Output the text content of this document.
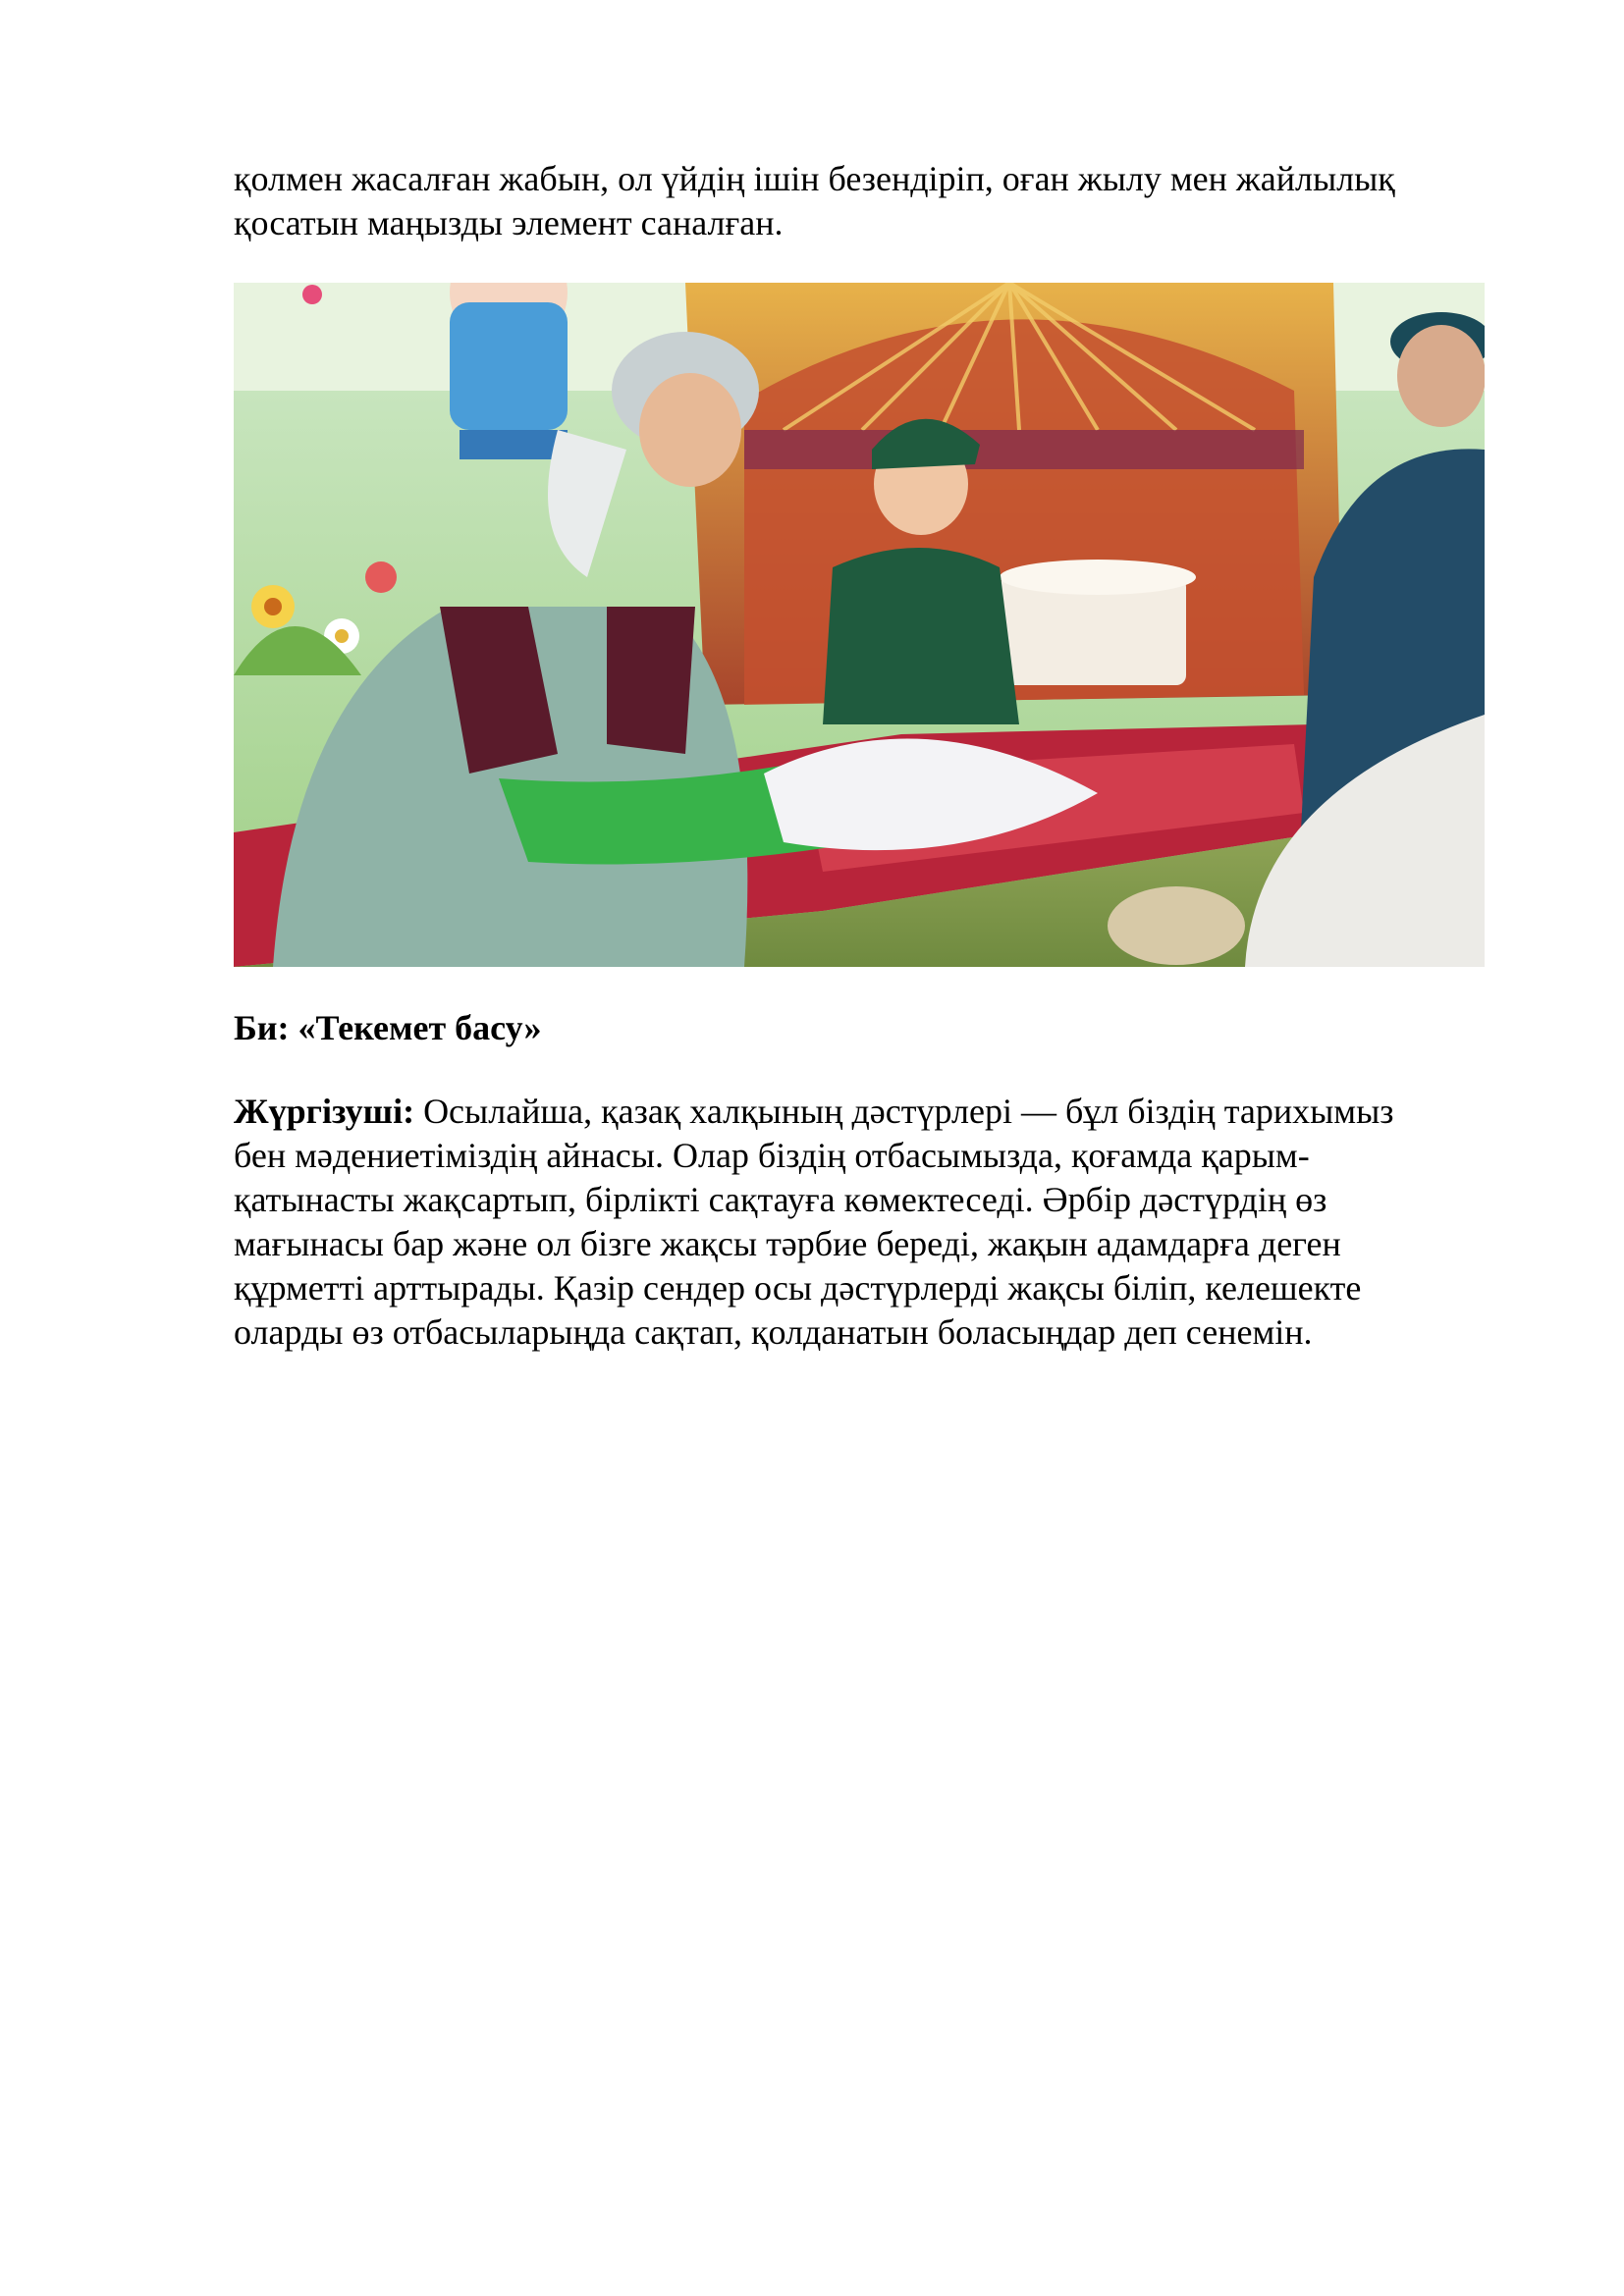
қолмен жасалған жабын, ол үйдің ішін безендіріп, оған жылу мен жайлылық
қосатын маңызды элемент саналған.
Би: «Текемет басу»
Жүргізуші: Осылайша, қазақ халқының дәстүрлері — бұл біздің тарихымыз
бен мәдениетіміздің айнасы. Олар біздің отбасымызда, қоғамда қарым-
қатынасты жақсартып, бірлікті сақтауға көмектеседі. Әрбір дәстүрдің өз
мағынасы бар және ол бізге жақсы тәрбие береді, жақын адамдарға деген
құрметті арттырады. Қазір сендер осы дәстүрлерді жақсы біліп, келешекте
оларды өз отбасыларыңда сақтап, қолданатын боласыңдар деп сенемін.
